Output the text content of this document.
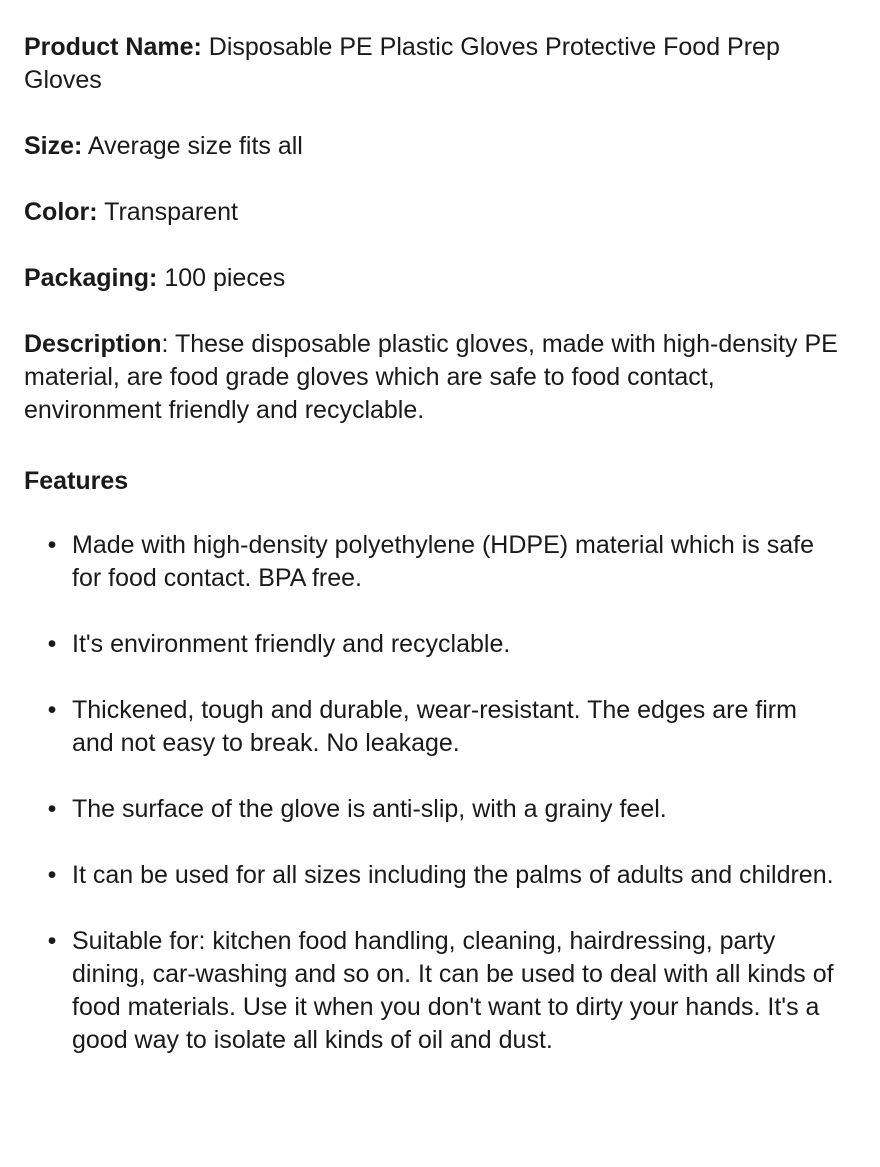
Product Name: Disposable PE Plastic Gloves Protective Food Prep Gloves

Size: Average size fits all

Color: Transparent

Packaging: 100 pieces

Description: These disposable plastic gloves, made with high-density PE material, are food grade gloves which are safe to food contact, environment friendly and recyclable.

Features
• Made with high-density polyethylene (HDPE) material which is safe for food contact. BPA free.
• It's environment friendly and recyclable.
• Thickened, tough and durable, wear-resistant. The edges are firm and not easy to break. No leakage.
• The surface of the glove is anti-slip, with a grainy feel.
• It can be used for all sizes including the palms of adults and children.
• Suitable for: kitchen food handling, cleaning, hairdressing, party dining, car-washing and so on. It can be used to deal with all kinds of food materials. Use it when you don't want to dirty your hands. It's a good way to isolate all kinds of oil and dust.
